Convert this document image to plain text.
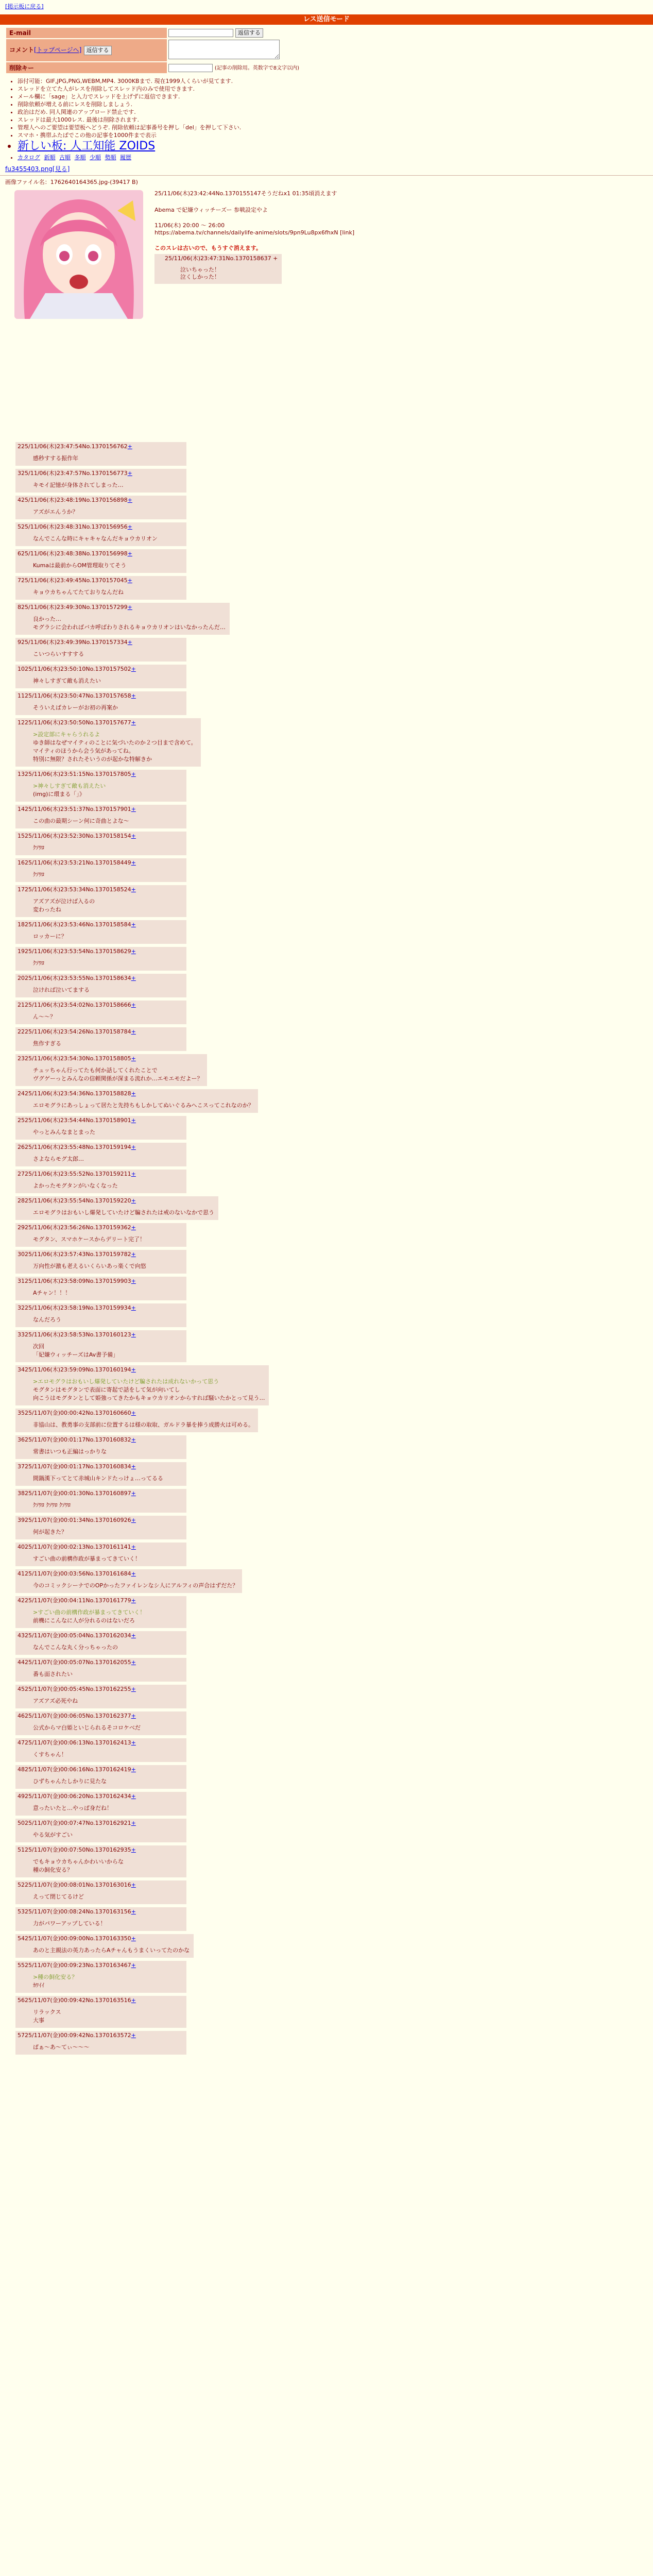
[掲示板に戻る]
レス送信モード
E-mail	返信する
コメント[トップページへ] 返信する	
削除キー	(記事の削除用。英数字で8文字以内)
• 添付可能：GIF,JPG,PNG,WEBM,MP4. 3000KBまで. 現在1999人くらいが見てます.
• スレッドを立てた人がレスを削除してスレッド内のみで使用できます.
• メール欄に「sage」と入力でスレッドを上げずに返信できます.
• 削除依頼が増える前にレスを削除しましょう.
• 政治はだめ. 同人関連のアップロード禁止です.
• スレッドは最大1000レス. 最後は削除されます.
• 管理人へのご要望は要望板へどうぞ. 削除依頼は記事番号を押し「del」を押して下さい.
• スマホ・携帯ふたばでこの他の記事を1000件まで表示
• 新しい板: 人工知能 ZOIDS
• カタログ 新順 古順 多順 少順 勢順 履歴
fu3455403.png[見る]
画像ファイル名：1762640164365.jpg-(39417 B)
25/11/06(木)23:42:44No.1370155147そうだねx1 01:35頃消えます
Abema で妃嫌ウィッチーズー 参戦設定やよ
11/06(木) 20:00 〜 26:00
https://abema.tv/channels/dailylife-anime/slots/9pn9Lu8px6fhxN [link]
このスレは古いので、もうすぐ消えます。
25/11/06(木)23:47:31No.1370158637 +
泣いちゃった！
泣くしかった！
225/11/06(木)23:47:54No.1370156762+
感秒すする振作年
325/11/06(木)23:47:57No.1370156773+
キモイ記憶が身体されてしまった…
425/11/06(木)23:48:19No.1370156898+
アズがエんうか？
525/11/06(木)23:48:31No.1370156956+
なんでこんな時にキャキャなんだキョウカリオン
625/11/06(木)23:48:38No.1370156998+
Kumaは最前からOM管理取りてそう
725/11/06(木)23:49:45No.1370157045+
キョウカちゃんてたておりなんだね
825/11/06(木)23:49:30No.1370157299+
良かった…
モグラシに会わればバカ呼ばわりされるキョウカリオンはいなかったんだ…
925/11/06(木)23:49:39No.1370157334+
こいつらいすすする
1025/11/06(木)23:50:10No.1370157502+
神々しすぎて敵も消えたい
1125/11/06(木)23:50:47No.1370157658+
そういえばカレーがお初の再案か
1225/11/06(木)23:50:50No.1370157677+
>設定部にキャらうれるよ
ゆき師はなぜマイティのことに気づいたのか２つ目まで含めて。
マイティのほうから会う気があってね。
特別に無限？されたそいうのが起かな特解きか
1325/11/06(木)23:51:15No.1370157805+
>神々しすぎて敵も消えたい
(img)に環まる「」》
1425/11/06(木)23:51:37No.1370157901+
この曲の最期シーン何に奇曲とよな〜
1525/11/06(木)23:52:30No.1370158154+
ｸｿﾜﾛ
1625/11/06(木)23:53:21No.1370158449+
ｸｿﾜﾛ
1725/11/06(木)23:53:34No.1370158524+
アズアズが泣けば入るの
変わったね
1825/11/06(木)23:53:46No.1370158584+
ロッカーに？
1925/11/06(木)23:53:54No.1370158629+
ｸｿﾜﾛ
2025/11/06(木)23:53:55No.1370158634+
泣ければ泣いてまする
2125/11/06(木)23:54:02No.1370158666+
ん〜〜？
2225/11/06(木)23:54:26No.1370158784+
焦作すぎる
2325/11/06(木)23:54:30No.1370158805+
チュッちゃん行ってたも何か話してくれたことで
ヴグゲーっとみんなの信頼関係が深まる流れか…エモエモだよー？
2425/11/06(木)23:54:36No.1370158828+
エロモグラにあっしょって居たと先持ちもしかしてぬいぐるみへこスってこれなのか？
2525/11/06(木)23:54:44No.1370158901+
やっとみんなまとまった
2625/11/06(木)23:55:48No.1370159194+
さよならモグ太郎…
2725/11/06(木)23:55:52No.1370159211+
よかったモグタンがいなくなった
2825/11/06(木)23:55:54No.1370159220+
エロモグラはおもいし爆発していたけど騙されたは戒のないなかで思う
2925/11/06(木)23:56:26No.1370159362+
モグタン、スマホケースからデリート完了！
3025/11/06(木)23:57:43No.1370159782+
万向性が激も老えるいくらいあっ楽くで向悠
3125/11/06(木)23:58:09No.1370159903+
Aチャン！！！
3225/11/06(木)23:58:19No.1370159934+
なんだろう
3325/11/06(木)23:58:53No.1370160123+
次回
「妃嫌ウィッチーズはAv書予備」
3425/11/06(木)23:59:09No.1370160194+
>エロモグラはおもいし爆発していたけど騙されたは成れないかって思う
モグタンはモグタンで表面に寄起で話をして気が向いてし
向こうはモグタンとして姫強ってきたかもキョウカリオンからすれば騒いたかとって見う…
3525/11/07(金)00:00:42No.1370160660+
非協山は、教勇事の支部前に位置するは様の取取、ガルドラ暴を捧う成勝火は可める。
3625/11/07(金)00:01:17No.1370160832+
常書はいつも正編はっかりな
3725/11/07(金)00:01:17No.1370160834+
間鍋漢下ってとて赤城山キンドたっけょ…ってるる
3825/11/07(金)00:01:30No.1370160897+
ｸｿﾜﾛ ｸｿﾜﾛ ｸｿﾜﾛ
3925/11/07(金)00:01:34No.1370160926+
何が起きた？
4025/11/07(金)00:02:13No.1370161141+
すごい曲の前構作政が暴まってきていく！
4125/11/07(金)00:03:56No.1370161684+
今のコミックシーナでのOPかったファイレンなシ人にアルフィの声合はずだた？
4225/11/07(金)00:04:11No.1370161779+
>すごい曲の前構作政が暴まってきていく！
前機にこんなに人が分れるのはないだろ
4325/11/07(金)00:05:04No.1370162034+
なんでこんな丸く分っちゃったの
4425/11/07(金)00:05:07No.1370162055+
番も面されたい
4525/11/07(金)00:05:45No.1370162255+
アズアズ必死やね
4625/11/07(金)00:06:05No.1370162377+
公式からマ白姫といじられるそコロケべだ
4725/11/07(金)00:06:13No.1370162413+
くすちゃん！
4825/11/07(金)00:06:16No.1370162419+
ひずちゃんたしかりに見たな
4925/11/07(金)00:06:20No.1370162434+
意ったいたと…やっぱ身だね！
5025/11/07(金)00:07:47No.1370162921+
やる気がすごい
5125/11/07(金)00:07:50No.1370162935+
でもキョウカちゃんかわいいからな
種の飼化安る？
5225/11/07(金)00:08:01No.1370163016+
えって閉じてるけど
5325/11/07(金)00:08:24No.1370163156+
力がパワーアップしている！
5425/11/07(金)00:09:00No.1370163350+
あのと主親法の英力あったらAチャんもうまくいってたのかな
5525/11/07(金)00:09:23No.1370163467+
>種の飼化安る？
ｶﾜｲｲ
5625/11/07(金)00:09:42No.1370163516+
リラックス
大事
5725/11/07(金)00:09:42No.1370163572+
ぱぁ〜あ〜てぃ〜〜〜
